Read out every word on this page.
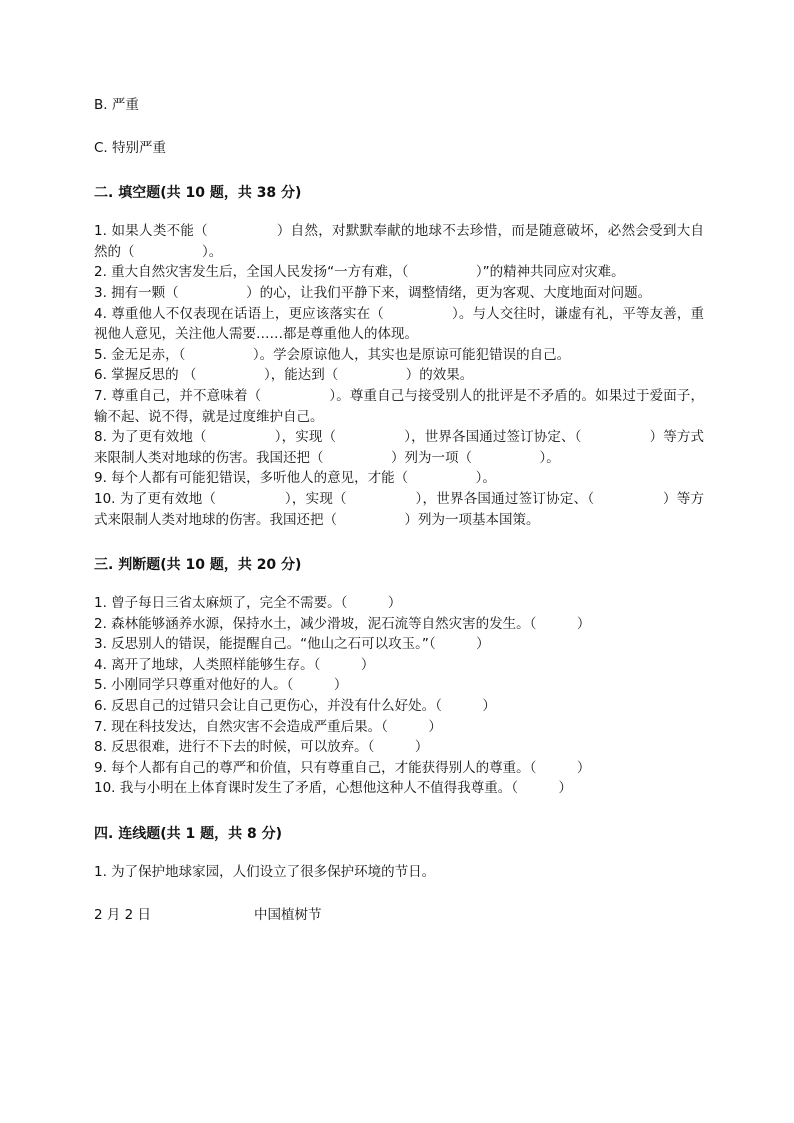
B. 严重

C. 特别严重

二. 填空题(共 10 题，共 38 分)

1. 如果人类不能（　　　　　）自然，对默默奉献的地球不去珍惜，而是随意破坏，必然会受到大自然的（　　　　　）。

2. 重大自然灾害发生后，全国人民发扬“一方有难，（　　　　　）”的精神共同应对灾难。

3. 拥有一颗（　　　　　）的心，让我们平静下来，调整情绪，更为客观、大度地面对问题。

4. 尊重他人不仅表现在话语上，更应该落实在（　　　　　）。与人交往时，谦虚有礼，平等友善，重视他人意见，关注他人需要……都是尊重他人的体现。

5. 金无足赤，（　　　　　）。学会原谅他人，其实也是原谅可能犯错误的自己。

6. 掌握反思的 （　　　　　），能达到（　　　　　）的效果。

7. 尊重自己，并不意味着（　　　　　）。尊重自己与接受别人的批评是不矛盾的。如果过于爱面子，输不起、说不得，就是过度维护自己。

8. 为了更有效地（　　　　　），实现（　　　　　），世界各国通过签订协定、（　　　　　）等方式来限制人类对地球的伤害。我国还把（　　　　　）列为一项（　　　　　）。

9. 每个人都有可能犯错误，多听他人的意见，才能（　　　　　）。

10. 为了更有效地（　　　　　），实现（　　　　　），世界各国通过签订协定、（　　　　　）等方式来限制人类对地球的伤害。我国还把（　　　　　）列为一项基本国策。

三. 判断题(共 10 题，共 20 分)

1. 曾子每日三省太麻烦了，完全不需要。（　　　）

2. 森林能够涵养水源，保持水土，减少滑坡，泥石流等自然灾害的发生。（　　　）

3. 反思别人的错误，能提醒自己。“他山之石可以攻玉。”（　　　）

4. 离开了地球，人类照样能够生存。（　　　）

5. 小刚同学只尊重对他好的人。（　　　）

6. 反思自己的过错只会让自己更伤心，并没有什么好处。（　　　）

7. 现在科技发达，自然灾害不会造成严重后果。（　　　）

8. 反思很难，进行不下去的时候，可以放弃。（　　　）

9. 每个人都有自己的尊严和价值，只有尊重自己，才能获得别人的尊重。（　　　）

10. 我与小明在上体育课时发生了矛盾，心想他这种人不值得我尊重。（　　　）

四. 连线题(共 1 题，共 8 分)

1. 为了保护地球家园，人们设立了很多保护环境的节日。

2 月 2 日	中国植树节
